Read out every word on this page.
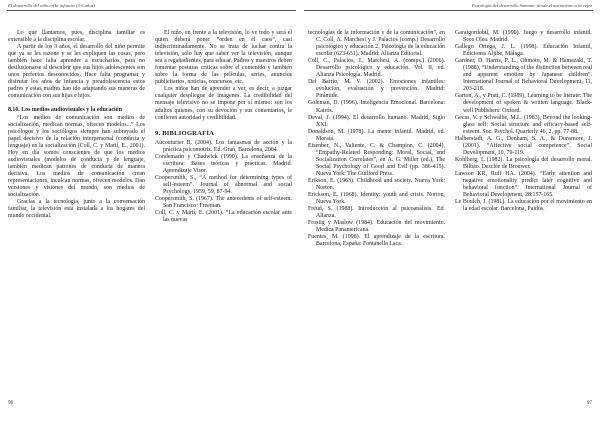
El desarrollo del niño en la infancia (3-6 años)

Lo que llamamos, pues, disciplina familiar es extensible a la disciplina escolar.

A partir de los 3 años, el desarrollo del niño permite que ya se les razone y se les expliquen las cosas, pero también hace falta aprender a escucharlos, para no desilusionarse al descubrir que sus hijos adolescentes son unos perfectos desconocidos. Hace falta programar y disfrutar los años de infancia y preadolescencia estos padres y estas madres han ido adaptando sus maneras de comunicación con sus hijas e hijos.

8.10. Los medios audiovisuales y la educación

“Los medios de comunicación son medios de socialización, medican normas, ofrecen modelos...” Los psicólogos y los sociólogos siempre han subrayado el papel decisivo de la relación interpersonal (conducta y lenguaje) en la socialización (Coll, C. y Martí, E., 2001). Hoy en día somos conscientes de que los medios audiovisuales (modelos de conducta y de lenguaje, también medican patrones de conducta de manera decisiva. Los medios de comunicación crean representaciones, inculcan normas, ofrecen modelos. Dan versiones y visiones del mundo, son medios de socialización.

Gracias a la tecnología, junto a la conversación familiar, la televisión está instalada a los hogares del mundo occidental.

El niño, en frente a la televisión, lo ve todo y será él quien deberá poner “orden en el caos”, casi indiscriminadamente. No se trata de luchar contra la televisión, sólo hay que saber ver la televisión, aunque sea a regañadientes, para educar. Padres y maestros deben fomentar posturas críticas sobre el contenido y también sobre la forma de las películas, series, anuncios publicitarios, noticias, concursos, etc.

Los niños han de aprender a ver, es decir, a juzgar cualquier despliegue de imágenes. La credibilidad del mensaje televisivo no se impone por sí mismo: son los adultos quienes, con su devoción y sus comentarios, le confieren autoridad y credibilidad.

9. BIBLIOGRAFÍA

Aucouturier B. (2004). Los fantasmas de acción y la práctica psicomotriz. Ed. Graó, Barcelona, 2004.

Condemarín y Chadwick (1990). La enseñanza de la escritura: Bases teóricas y prácticas. Madrid. Aprendizaje Visor.

Coopersmith, S., “A method for determining types of self-esteem”. Journal of abnormal and social Psychology, 1959, 59, 87-94.

Coopersmith, S. (1967). The antecedents of self-esteem. San Francisco: Freeman.

Coll, C. y Martí, E. (2001). “La educación escolar ante las nuevas

96
Psicología del desarrollo humano: desde el nacimiento a la vejez

tecnologías de la información y de la comunicación”, en C. Coll, A. Marchesi y J. Palacios (comp.) Desarrollo psicológico y educación 2. Psicología de la educación escolar (623-651). Madrid: Alianza Editorial.

Coll, C., Palacios, J., Marchesi, A. (comps.) (2006). Desarrollo psicológico y educación. Vol. II, ed. Alianza Psicología. Madrid.

Del Barrio, M. V. (2002). Emociones infantiles: evolución, evaluación y prevención. Madrid: Pirámide.

Goleman, D. (1996). Inteligencia Emocional. Barcelona: Kairós.

Deval, J. (1994). El desarrollo humano. Madrid, Siglo XXI.

Donaldson, M. (1978). La mente infantil. Madrid, ed. Morata.

Eisenber, N., Valiente, C. & Champion, C. (2004), “Empathy-Related Responding: Moral, Social, and Socialization Correlates”, en A. G. Miller (ed.), The Social Psychology of Good and Evil (pp. 386-415). Nueva York: The Guilford Press.

Erikson, E. (1963). Childhood and society. Nueva York: Norton.

Erickson, E. (1968). Identity: youth and crisis. Norton, Nueva York.

Freud, S. (1988). Introducción al psicoanálisis. Ed. Alianza.

Frostig y Maslow (1984). Educación del movimiento. Medica Panamericana.

Fuentes, M. (1998). El aprendizaje de la escritura. Barcelona, España: Fontanella Laca.

Garaigordobil, M. (1990). Juego y desarrollo infantil. Seco Olea. Madrid.

Gallego Ortega, J. L. (1998). Educación Infantil, Ediciones Aljibe, Málaga.

Gardner, D. Harris, P. L., Ohmoto, M. & Hamazaki, T. (1988), “Understanding of the distinction between real and apparent emotion by Japanese children”. International Journal of Behavioral Development, 11, 203-218.

Garton, A., y Pratt, C. (1989), Learning to be literate: The development of spoken & written language. Black-well Publishers: Oxford.

Gecas, V. y Schwalbe, M.L. (1983), Beyond the looking-glass self: Social structure and efficacy-based self-esteem. Soc. Psychol. Quarterly 46, 2, pp. 77-88.

Halberstadt, A. G., Denham, S. A., & Dunsmore, J. (2001). “Affective social competence”. Social Development, 10, 79-119.

Kohlberg, L (1982). La psicología del desarrollo moral. Bilbao. Desclée de Brouwer.

Lawson KR, Ruff HA. (2004). “Early attention and negative emotionality predict later cognitive and behavioral function”. International Journal of Behavioral Development, 28:157-165.

Le Boulch, J. (1981). La educación por el movimiento en la edad escolar. Barcelona, Paidós.

97
